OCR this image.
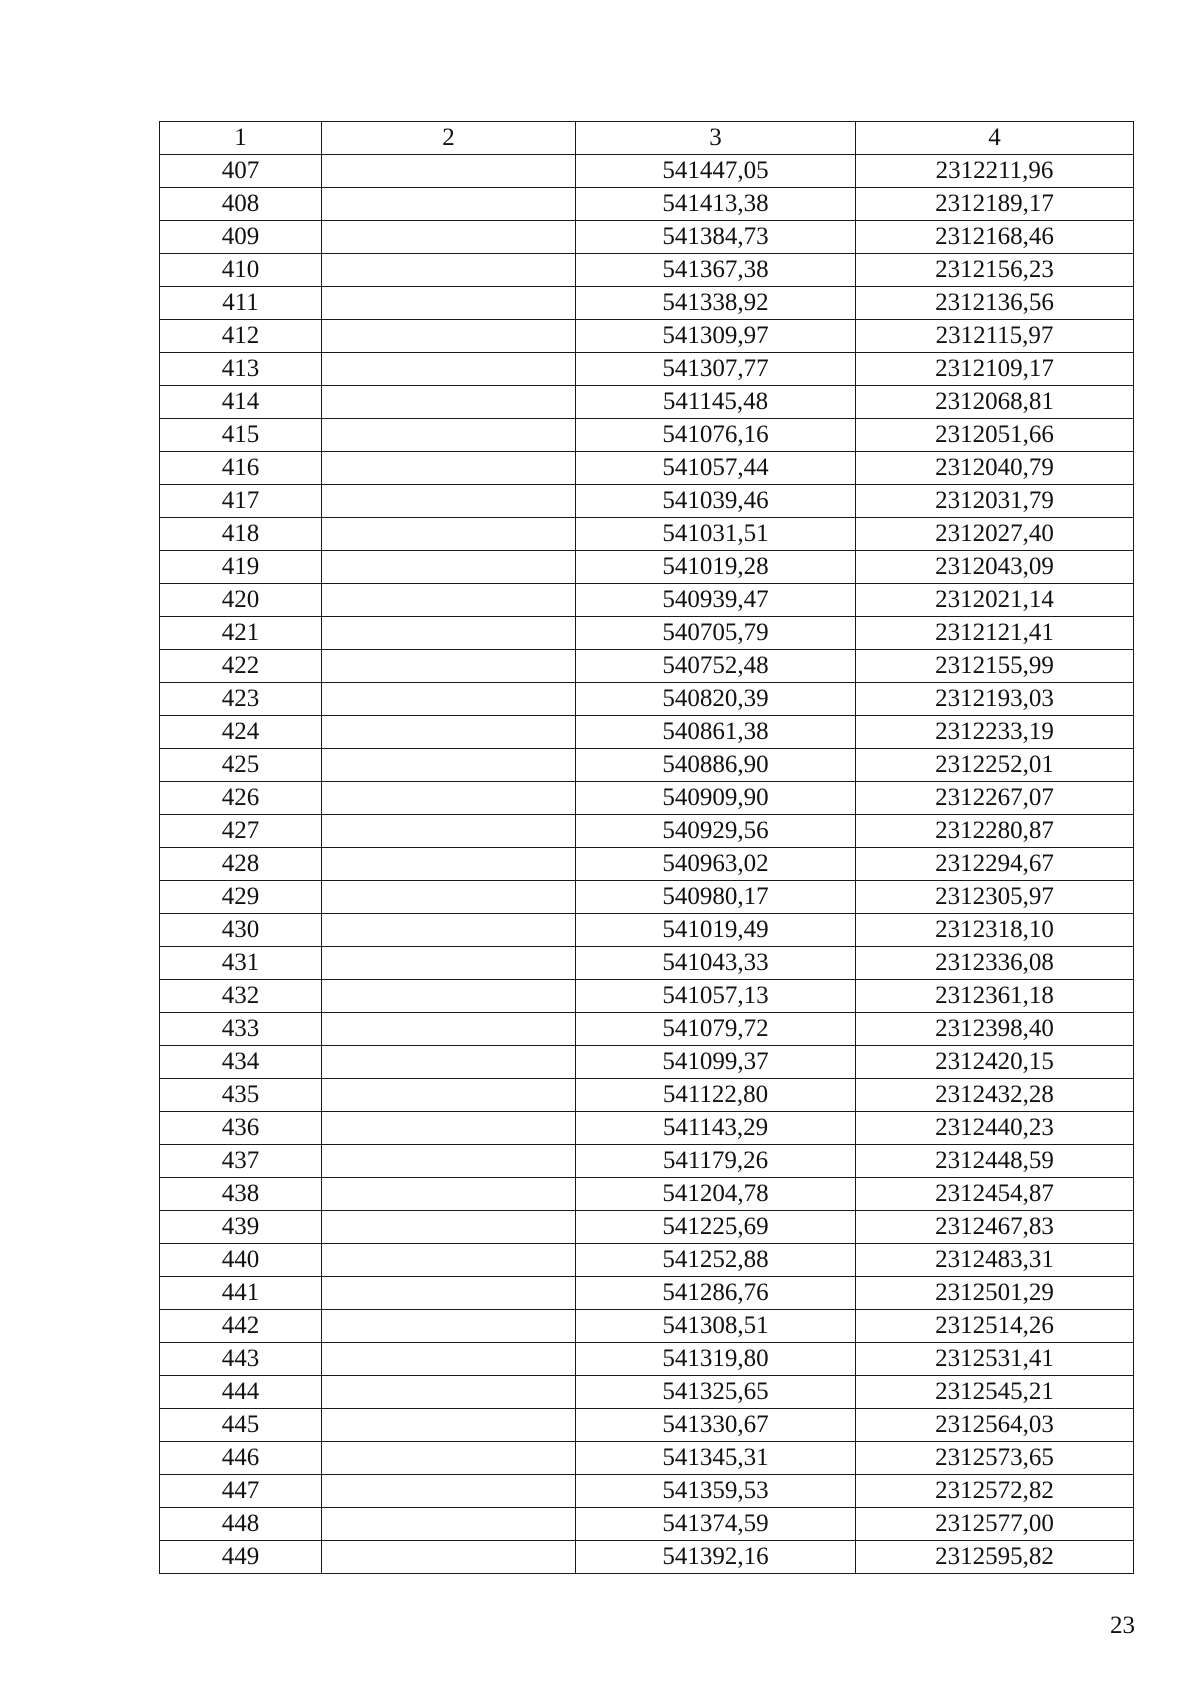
1	2	3	4
407		541447,05	2312211,96
408		541413,38	2312189,17
409		541384,73	2312168,46
410		541367,38	2312156,23
411		541338,92	2312136,56
412		541309,97	2312115,97
413		541307,77	2312109,17
414		541145,48	2312068,81
415		541076,16	2312051,66
416		541057,44	2312040,79
417		541039,46	2312031,79
418		541031,51	2312027,40
419		541019,28	2312043,09
420		540939,47	2312021,14
421		540705,79	2312121,41
422		540752,48	2312155,99
423		540820,39	2312193,03
424		540861,38	2312233,19
425		540886,90	2312252,01
426		540909,90	2312267,07
427		540929,56	2312280,87
428		540963,02	2312294,67
429		540980,17	2312305,97
430		541019,49	2312318,10
431		541043,33	2312336,08
432		541057,13	2312361,18
433		541079,72	2312398,40
434		541099,37	2312420,15
435		541122,80	2312432,28
436		541143,29	2312440,23
437		541179,26	2312448,59
438		541204,78	2312454,87
439		541225,69	2312467,83
440		541252,88	2312483,31
441		541286,76	2312501,29
442		541308,51	2312514,26
443		541319,80	2312531,41
444		541325,65	2312545,21
445		541330,67	2312564,03
446		541345,31	2312573,65
447		541359,53	2312572,82
448		541374,59	2312577,00
449		541392,16	2312595,82
23
